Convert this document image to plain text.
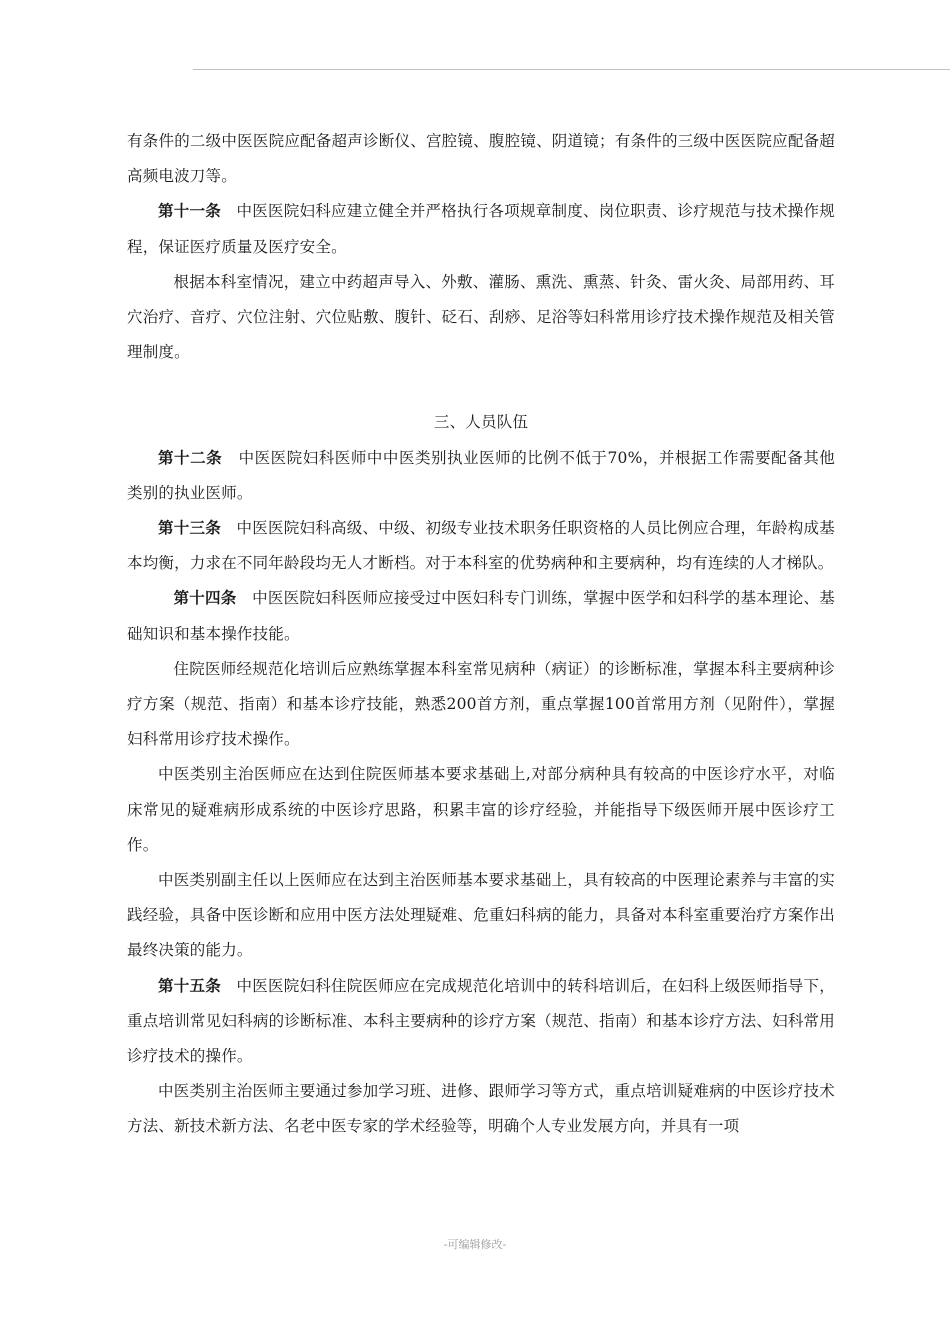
有条件的二级中医医院应配备超声诊断仪、宫腔镜、腹腔镜、阴道镜；有条件的三级中医医院应配备超高频电波刀等。

第十一条 中医医院妇科应建立健全并严格执行各项规章制度、岗位职责、诊疗规范与技术操作规程，保证医疗质量及医疗安全。

根据本科室情况，建立中药超声导入、外敷、灌肠、熏洗、熏蒸、针灸、雷火灸、局部用药、耳穴治疗、音疗、穴位注射、穴位贴敷、腹针、砭石、刮痧、足浴等妇科常用诊疗技术操作规范及相关管理制度。

三、人员队伍

第十二条 中医医院妇科医师中中医类别执业医师的比例不低于70%，并根据工作需要配备其他类别的执业医师。

第十三条 中医医院妇科高级、中级、初级专业技术职务任职资格的人员比例应合理，年龄构成基本均衡，力求在不同年龄段均无人才断档。对于本科室的优势病种和主要病种，均有连续的人才梯队。

第十四条 中医医院妇科医师应接受过中医妇科专门训练，掌握中医学和妇科学的基本理论、基础知识和基本操作技能。

住院医师经规范化培训后应熟练掌握本科室常见病种（病证）的诊断标准，掌握本科主要病种诊疗方案（规范、指南）和基本诊疗技能，熟悉200首方剂，重点掌握100首常用方剂（见附件），掌握妇科常用诊疗技术操作。

中医类别主治医师应在达到住院医师基本要求基础上,对部分病种具有较高的中医诊疗水平，对临床常见的疑难病形成系统的中医诊疗思路，积累丰富的诊疗经验，并能指导下级医师开展中医诊疗工作。

中医类别副主任以上医师应在达到主治医师基本要求基础上，具有较高的中医理论素养与丰富的实践经验，具备中医诊断和应用中医方法处理疑难、危重妇科病的能力，具备对本科室重要治疗方案作出最终决策的能力。

第十五条 中医医院妇科住院医师应在完成规范化培训中的转科培训后，在妇科上级医师指导下，重点培训常见妇科病的诊断标准、本科主要病种的诊疗方案（规范、指南）和基本诊疗方法、妇科常用诊疗技术的操作。

中医类别主治医师主要通过参加学习班、进修、跟师学习等方式，重点培训疑难病的中医诊疗技术方法、新技术新方法、名老中医专家的学术经验等，明确个人专业发展方向，并具有一项

-可编辑修改-
